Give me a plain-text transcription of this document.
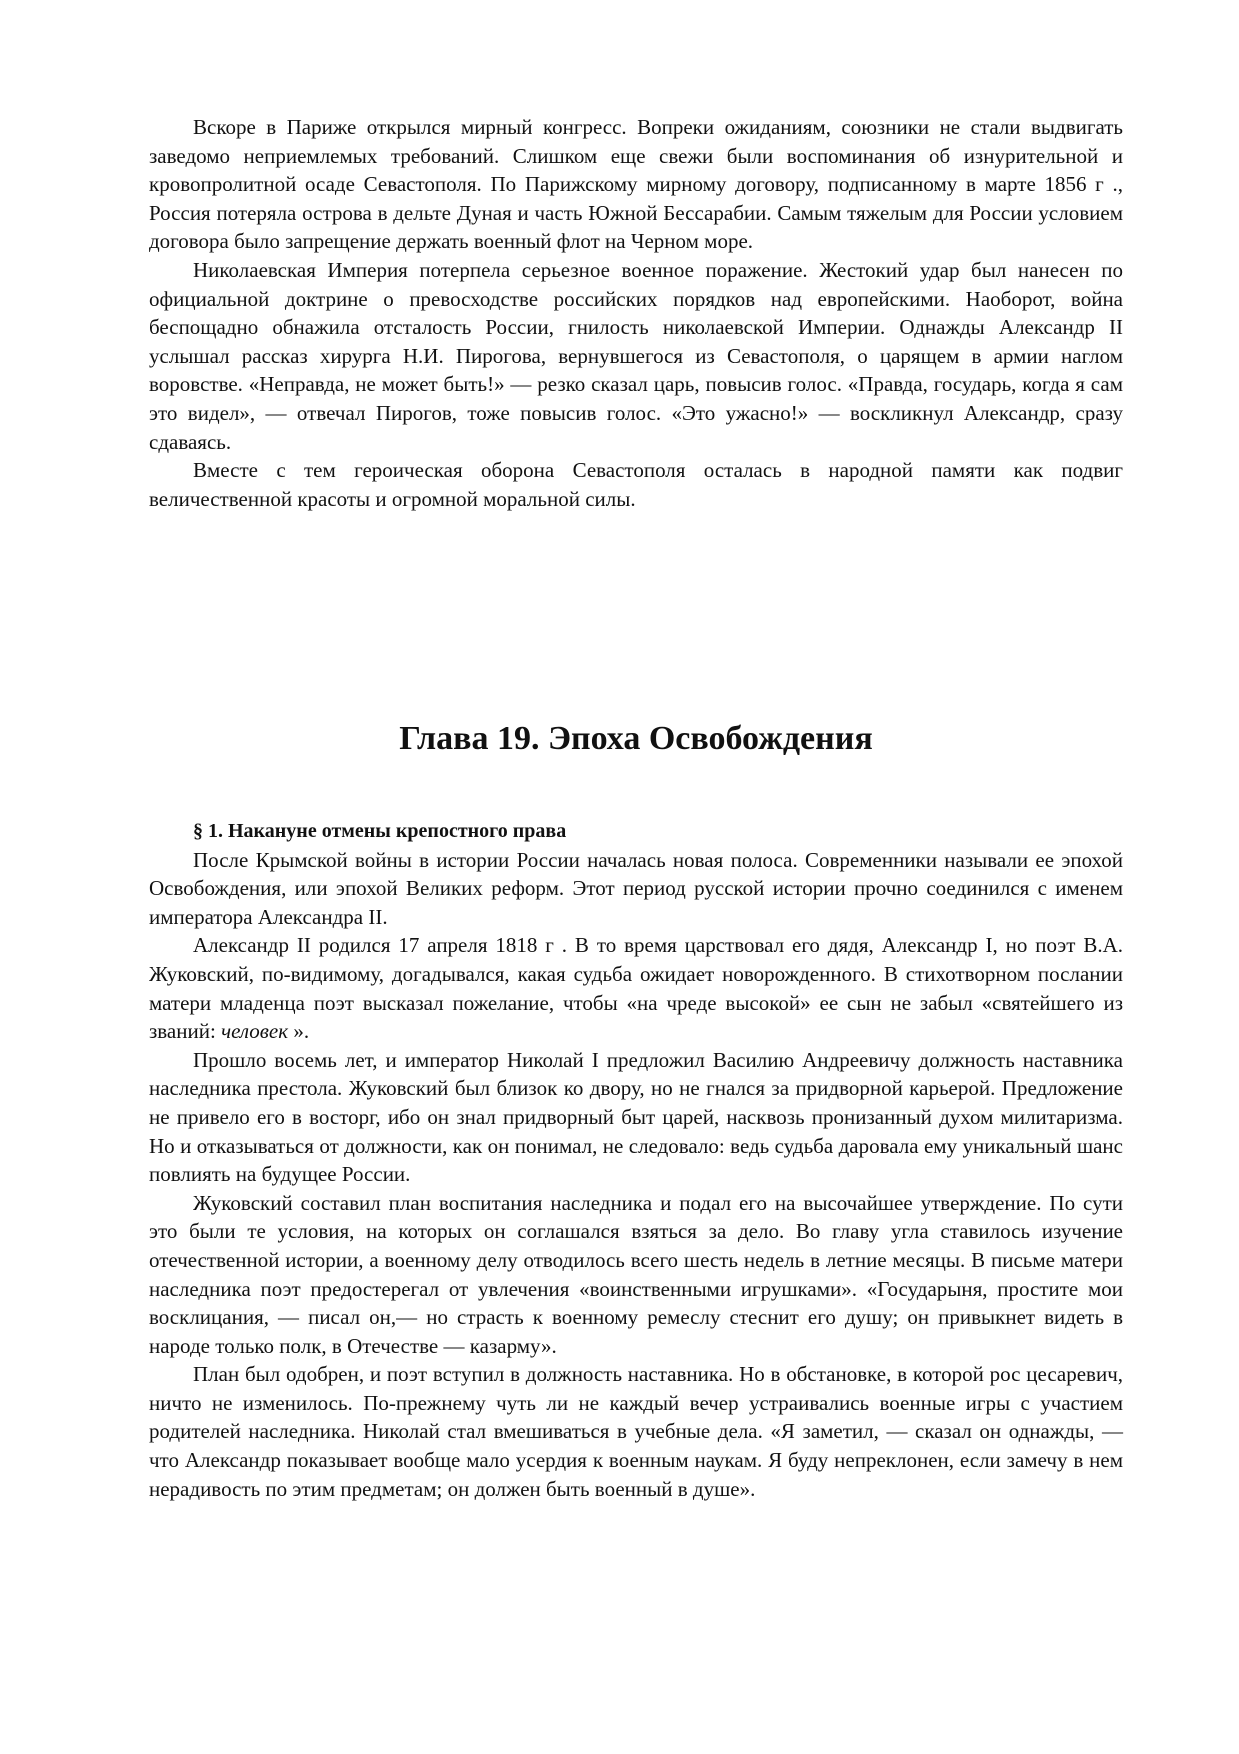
Вскоре в Париже открылся мирный конгресс. Вопреки ожиданиям, союзники не стали выдвигать заведомо неприемлемых требований. Слишком еще свежи были воспоминания об изнурительной и кровопролитной осаде Севастополя. По Парижскому мирному договору, подписанному в марте 1856 г ., Россия потеряла острова в дельте Дуная и часть Южной Бессарабии. Самым тяжелым для России условием договора было запрещение держать военный флот на Черном море.

Николаевская Империя потерпела серьезное военное поражение. Жестокий удар был нанесен по официальной доктрине о превосходстве российских порядков над европейскими. Наоборот, война беспощадно обнажила отсталость России, гнилость николаевской Империи. Однажды Александр II услышал рассказ хирурга Н.И. Пирогова, вернувшегося из Севастополя, о царящем в армии наглом воровстве. «Неправда, не может быть!» — резко сказал царь, повысив голос. «Правда, государь, когда я сам это видел», — отвечал Пирогов, тоже повысив голос. «Это ужасно!» — воскликнул Александр, сразу сдаваясь.

Вместе с тем героическая оборона Севастополя осталась в народной памяти как подвиг величественной красоты и огромной моральной силы.

Глава 19. Эпоха Освобождения
§ 1. Накануне отмены крепостного права

После Крымской войны в истории России началась новая полоса. Современники называли ее эпохой Освобождения, или эпохой Великих реформ. Этот период русской истории прочно соединился с именем императора Александра II.

Александр II родился 17 апреля 1818 г . В то время царствовал его дядя, Александр I, но поэт В.А. Жуковский, по-видимому, догадывался, какая судьба ожидает новорожденного. В стихотворном послании матери младенца поэт высказал пожелание, чтобы «на чреде высокой» ее сын не забыл «святейшего из званий: человек ».

Прошло восемь лет, и император Николай I предложил Василию Андреевичу должность наставника наследника престола. Жуковский был близок ко двору, но не гнался за придворной карьерой. Предложение не привело его в восторг, ибо он знал придворный быт царей, насквозь пронизанный духом милитаризма. Но и отказываться от должности, как он понимал, не следовало: ведь судьба даровала ему уникальный шанс повлиять на будущее России.

Жуковский составил план воспитания наследника и подал его на высочайшее утверждение. По сути это были те условия, на которых он соглашался взяться за дело. Во главу угла ставилось изучение отечественной истории, а военному делу отводилось всего шесть недель в летние месяцы. В письме матери наследника поэт предостерегал от увлечения «воинственными игрушками». «Государыня, простите мои восклицания, — писал он,— но страсть к военному ремеслу стеснит его душу; он привыкнет видеть в народе только полк, в Отечестве — казарму».

План был одобрен, и поэт вступил в должность наставника. Но в обстановке, в которой рос цесаревич, ничто не изменилось. По-прежнему чуть ли не каждый вечер устраивались военные игры с участием родителей наследника. Николай стал вмешиваться в учебные дела. «Я заметил, — сказал он однажды, — что Александр показывает вообще мало усердия к военным наукам. Я буду непреклонен, если замечу в нем нерадивость по этим предметам; он должен быть военный в душе».
